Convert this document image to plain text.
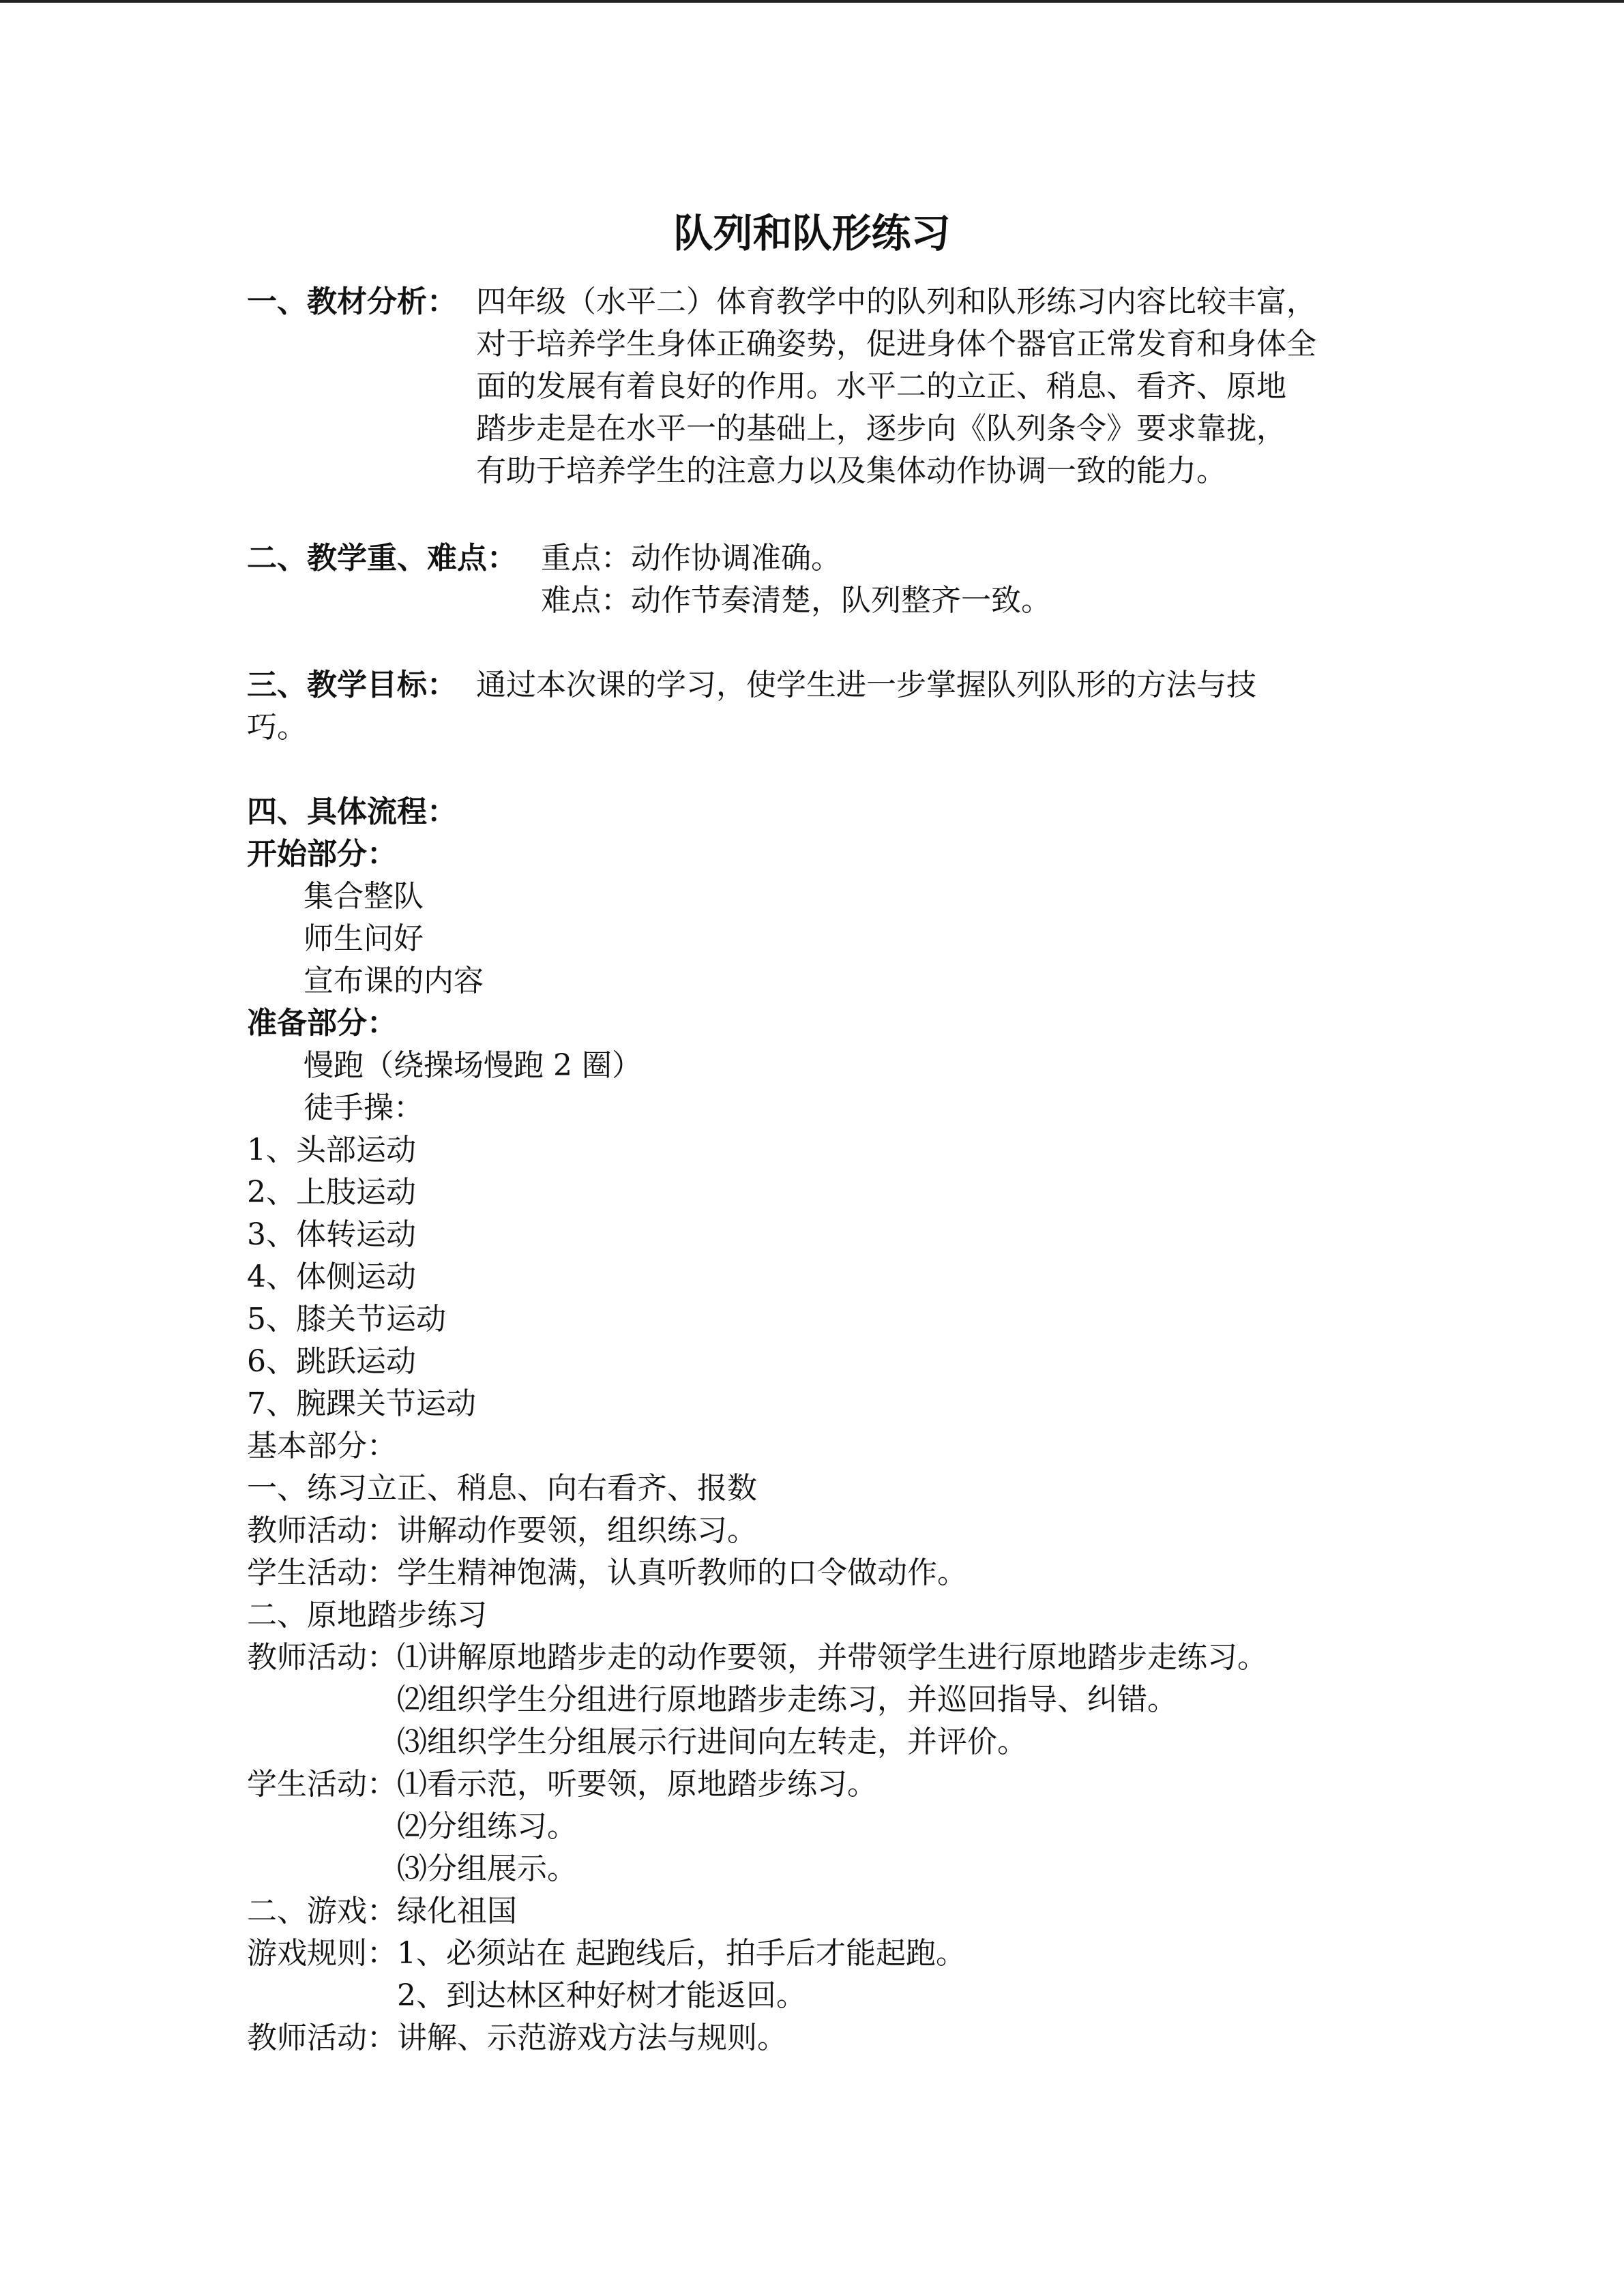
队列和队形练习
一、教材分析： 四年级（水平二）体育教学中的队列和队形练习内容比较丰富，
对于培养学生身体正确姿势，促进身体个器官正常发育和身体全
面的发展有着良好的作用。水平二的立正、稍息、看齐、原地
踏步走是在水平一的基础上，逐步向《队列条令》要求靠拢，
有助于培养学生的注意力以及集体动作协调一致的能力。
二、教学重、难点： 重点：动作协调准确。
难点：动作节奏清楚，队列整齐一致。
三、教学目标： 通过本次课的学习，使学生进一步掌握队列队形的方法与技
巧。
四、具体流程：
开始部分：
集合整队
师生问好
宣布课的内容
准备部分：
慢跑（绕操场慢跑 2 圈）
徒手操：
1、头部运动
2、上肢运动
3、体转运动
4、体侧运动
5、膝关节运动
6、跳跃运动
7、腕踝关节运动
基本部分：
一、练习立正、稍息、向右看齐、报数
教师活动：讲解动作要领，组织练习。
学生活动：学生精神饱满，认真听教师的口令做动作。
二、原地踏步练习
教师活动： ⑴讲解原地踏步走的动作要领，并带领学生进行原地踏步走练习。
⑵组织学生分组进行原地踏步走练习，并巡回指导、纠错。
⑶组织学生分组展示行进间向左转走，并评价。
学生活动： ⑴看示范，听要领，原地踏步练习。
⑵分组练习。
⑶分组展示。
二、游戏：绿化祖国
游戏规则： 1、必须站在 起跑线后，拍手后才能起跑。
2、到达林区种好树才能返回。
教师活动：讲解、示范游戏方法与规则。
